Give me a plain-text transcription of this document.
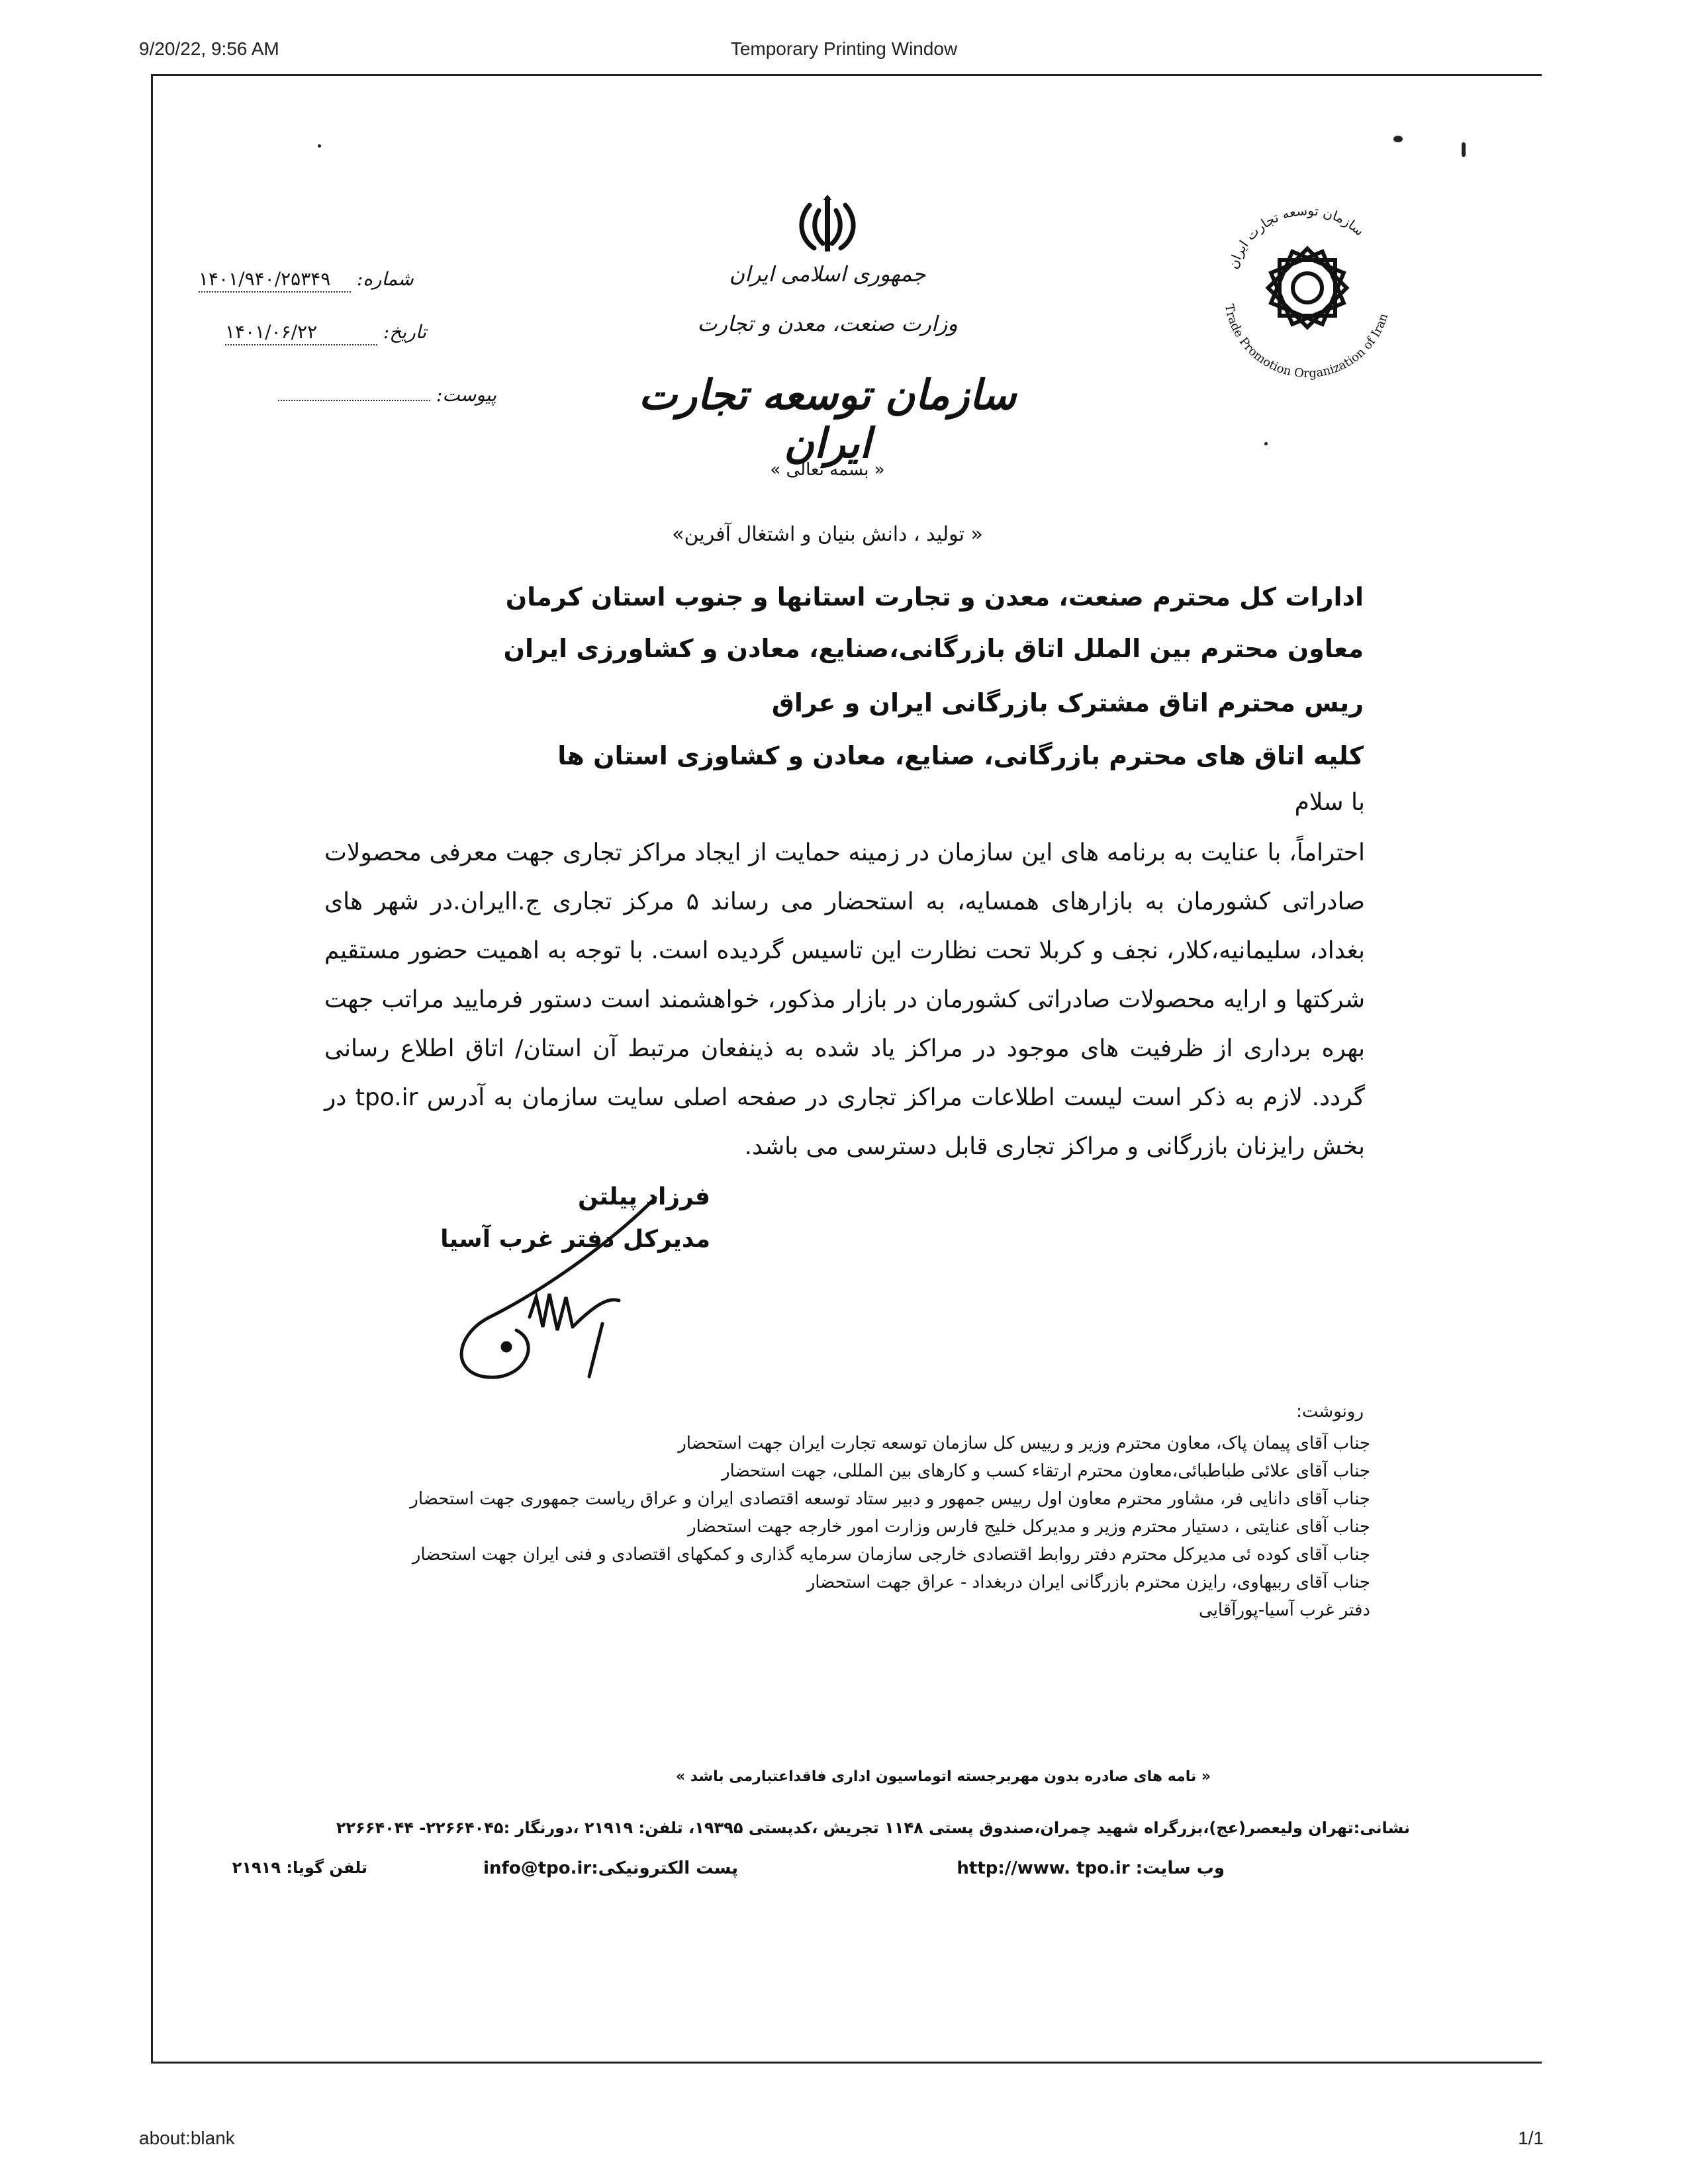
9/20/22, 9:56 AM	Temporary Printing Window
about:blank	1/1
جمهوری اسلامی ایران
وزارت صنعت، معدن و تجارت
سازمان توسعه تجارت ایران
« بسمه تعالی »
« تولید ، دانش بنیان و اشتغال آفرین»
سازمان توسعه تجارت ایران
Trade Promotion Organization of Iran
شماره: ۱۴۰۱/۹۴۰/۲۵۳۴۹
تاریخ: ۱۴۰۱/۰۶/۲۲
پیوست:
ادارات کل محترم صنعت، معدن و تجارت استانها و جنوب استان کرمان
معاون محترم بین الملل اتاق بازرگانی،صنایع، معادن و کشاورزی ایران
ریس محترم اتاق مشترک بازرگانی ایران و عراق
کلیه اتاق های محترم بازرگانی، صنایع، معادن و کشاوزی استان ها
با سلام
احتراماً، با عنایت به برنامه های این سازمان در زمینه حمایت از ایجاد مراکز تجاری جهت معرفی محصولات صادراتی کشورمان به بازارهای همسایه، به استحضار می رساند ۵ مرکز تجاری ج.اایران.در شهر های بغداد، سلیمانیه،کلار، نجف و کربلا تحت نظارت این تاسیس گردیده است. با توجه به اهمیت حضور مستقیم شرکتها و ارایه محصولات صادراتی کشورمان در بازار مذکور، خواهشمند است دستور فرمایید مراتب جهت بهره برداری از ظرفیت های موجود در مراکز یاد شده به ذینفعان مرتبط آن استان/ اتاق اطلاع رسانی گردد. لازم به ذکر است لیست اطلاعات مراکز تجاری در صفحه اصلی سایت سازمان به آدرس tpo.ir در بخش رایزنان بازرگانی و مراکز تجاری قابل دسترسی می باشد.
فرزاد پیلتن
مدیرکل دفتر غرب آسیا
رونوشت:
جناب آقای پیمان پاک، معاون محترم وزیر و رییس کل سازمان توسعه تجارت ایران جهت استحضار
جناب آقای علائی طباطبائی،معاون محترم ارتقاء کسب و کارهای بین المللی، جهت استحضار
جناب آقای دانایی فر، مشاور محترم معاون اول رییس جمهور و دبیر ستاد توسعه اقتصادی ایران و عراق ریاست جمهوری جهت استحضار
جناب آقای عنایتی ، دستیار محترم وزیر و مدیرکل خلیج فارس وزارت امور خارجه جهت استحضار
جناب آقای کوده ئی مدیرکل محترم دفتر روابط اقتصادی خارجی سازمان سرمایه گذاری و کمکهای اقتصادی و فنی ایران جهت استحضار
جناب آقای ربیهاوی، رایزن محترم بازرگانی ایران دربغداد - عراق جهت استحضار
دفتر غرب آسیا-پورآقایی
« نامه های صادره بدون مهربرجسته اتوماسیون اداری فاقداعتبارمی باشد »
نشانی:تهران ولیعصر(عج)،بزرگراه شهید چمران،صندوق پستی ۱۱۴۸ تجریش ،کدپستی ۱۹۳۹۵، تلفن: ۲۱۹۱۹ ،دورنگار :۲۲۶۶۴۰۴۵- ۲۲۶۶۴۰۴۴
وب سایت: http://www. tpo.ir
پست الکترونیکی:info@tpo.ir
تلفن گویا: ۲۱۹۱۹
